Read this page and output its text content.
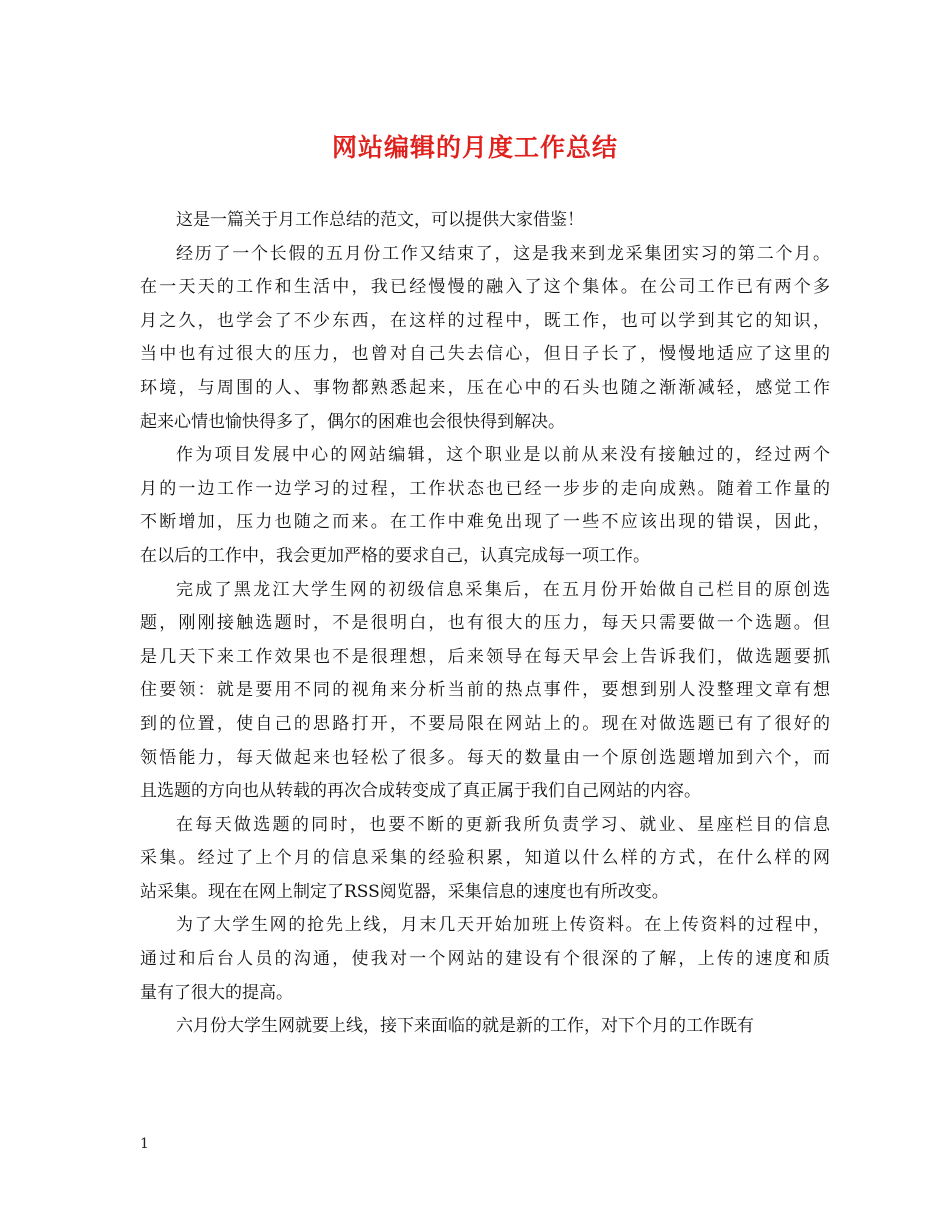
网站编辑的月度工作总结
这是一篇关于月工作总结的范文，可以提供大家借鉴！
经历了一个长假的五月份工作又结束了，这是我来到龙采集团实习的第二个月。
在一天天的工作和生活中，我已经慢慢的融入了这个集体。在公司工作已有两个多
月之久，也学会了不少东西，在这样的过程中，既工作，也可以学到其它的知识，
当中也有过很大的压力，也曾对自己失去信心，但日子长了，慢慢地适应了这里的
环境，与周围的人、事物都熟悉起来，压在心中的石头也随之渐渐减轻，感觉工作
起来心情也愉快得多了，偶尔的困难也会很快得到解决。
作为项目发展中心的网站编辑，这个职业是以前从来没有接触过的，经过两个
月的一边工作一边学习的过程，工作状态也已经一步步的走向成熟。随着工作量的
不断增加，压力也随之而来。在工作中难免出现了一些不应该出现的错误，因此，
在以后的工作中，我会更加严格的要求自己，认真完成每一项工作。
完成了黑龙江大学生网的初级信息采集后，在五月份开始做自己栏目的原创选
题，刚刚接触选题时，不是很明白，也有很大的压力，每天只需要做一个选题。但
是几天下来工作效果也不是很理想，后来领导在每天早会上告诉我们，做选题要抓
住要领：就是要用不同的视角来分析当前的热点事件，要想到别人没整理文章有想
到的位置，使自己的思路打开，不要局限在网站上的。现在对做选题已有了很好的
领悟能力，每天做起来也轻松了很多。每天的数量由一个原创选题增加到六个，而
且选题的方向也从转载的再次合成转变成了真正属于我们自己网站的内容。
在每天做选题的同时，也要不断的更新我所负责学习、就业、星座栏目的信息
采集。经过了上个月的信息采集的经验积累，知道以什么样的方式，在什么样的网
站采集。现在在网上制定了RSS阅览器，采集信息的速度也有所改变。
为了大学生网的抢先上线，月末几天开始加班上传资料。在上传资料的过程中，
通过和后台人员的沟通，使我对一个网站的建设有个很深的了解，上传的速度和质
量有了很大的提高。
六月份大学生网就要上线，接下来面临的就是新的工作，对下个月的工作既有
1
